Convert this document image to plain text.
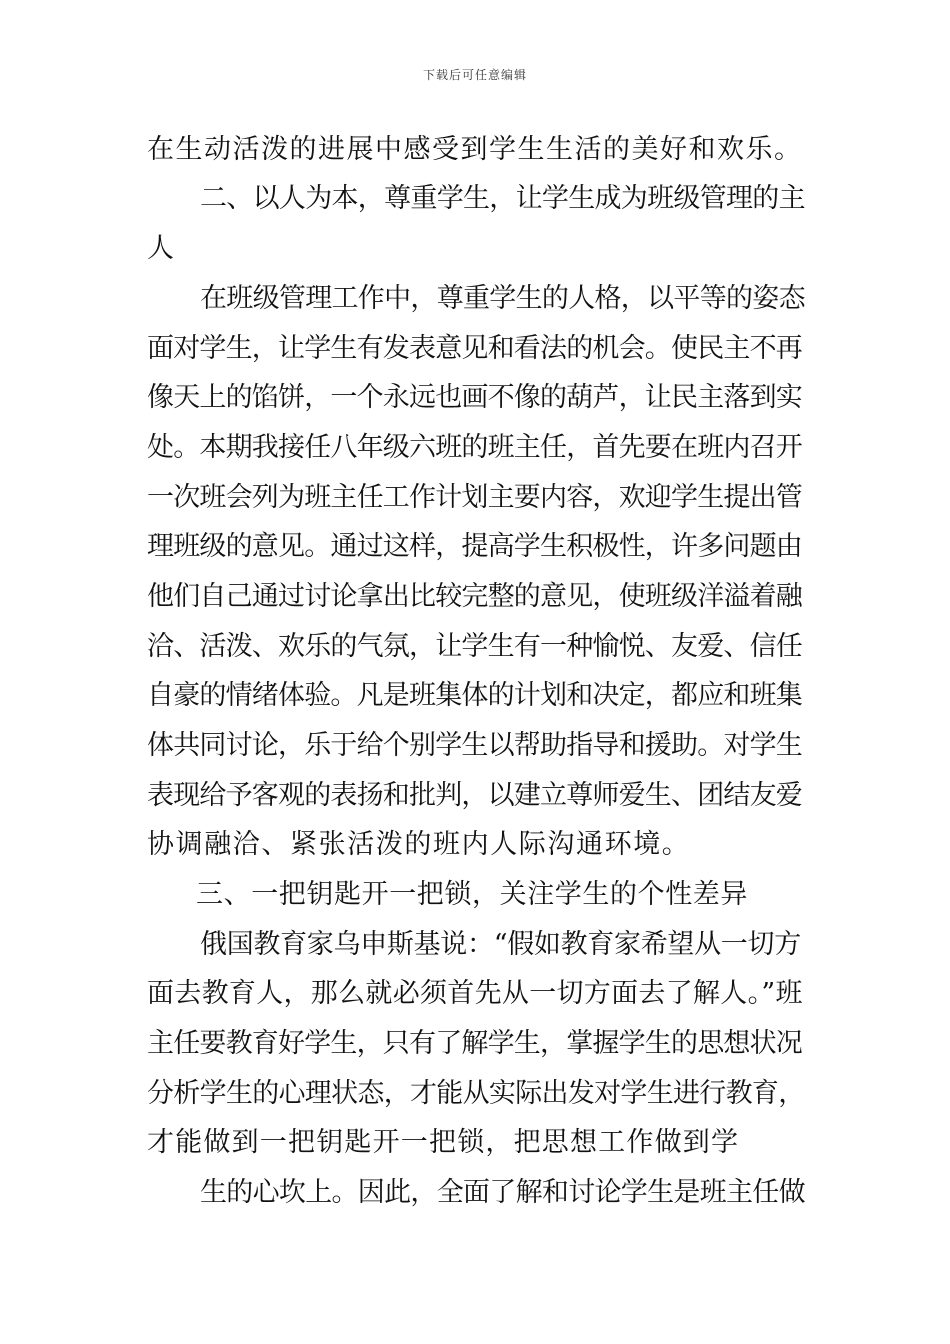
下载后可任意编辑
在生动活泼的进展中感受到学生生活的美好和欢乐。
二、以人为本，尊重学生，让学生成为班级管理的主
人
在班级管理工作中，尊重学生的人格，以平等的姿态
面对学生，让学生有发表意见和看法的机会。使民主不再
像天上的馅饼，一个永远也画不像的葫芦，让民主落到实
处。本期我接任八年级六班的班主任，首先要在班内召开
一次班会列为班主任工作计划主要内容，欢迎学生提出管
理班级的意见。通过这样，提高学生积极性，许多问题由
他们自己通过讨论拿出比较完整的意见，使班级洋溢着融
洽、活泼、欢乐的气氛，让学生有一种愉悦、友爱、信任
自豪的情绪体验。凡是班集体的计划和决定，都应和班集
体共同讨论，乐于给个别学生以帮助指导和援助。对学生
表现给予客观的表扬和批判，以建立尊师爱生、团结友爱
协调融洽、紧张活泼的班内人际沟通环境。
三、一把钥匙开一把锁，关注学生的个性差异
俄国教育家乌申斯基说：“假如教育家希望从一切方
面去教育人，那么就必须首先从一切方面去了解人。”班
主任要教育好学生，只有了解学生，掌握学生的思想状况
分析学生的心理状态，才能从实际出发对学生进行教育，
才能做到一把钥匙开一把锁，把思想工作做到学
生的心坎上。因此，全面了解和讨论学生是班主任做
